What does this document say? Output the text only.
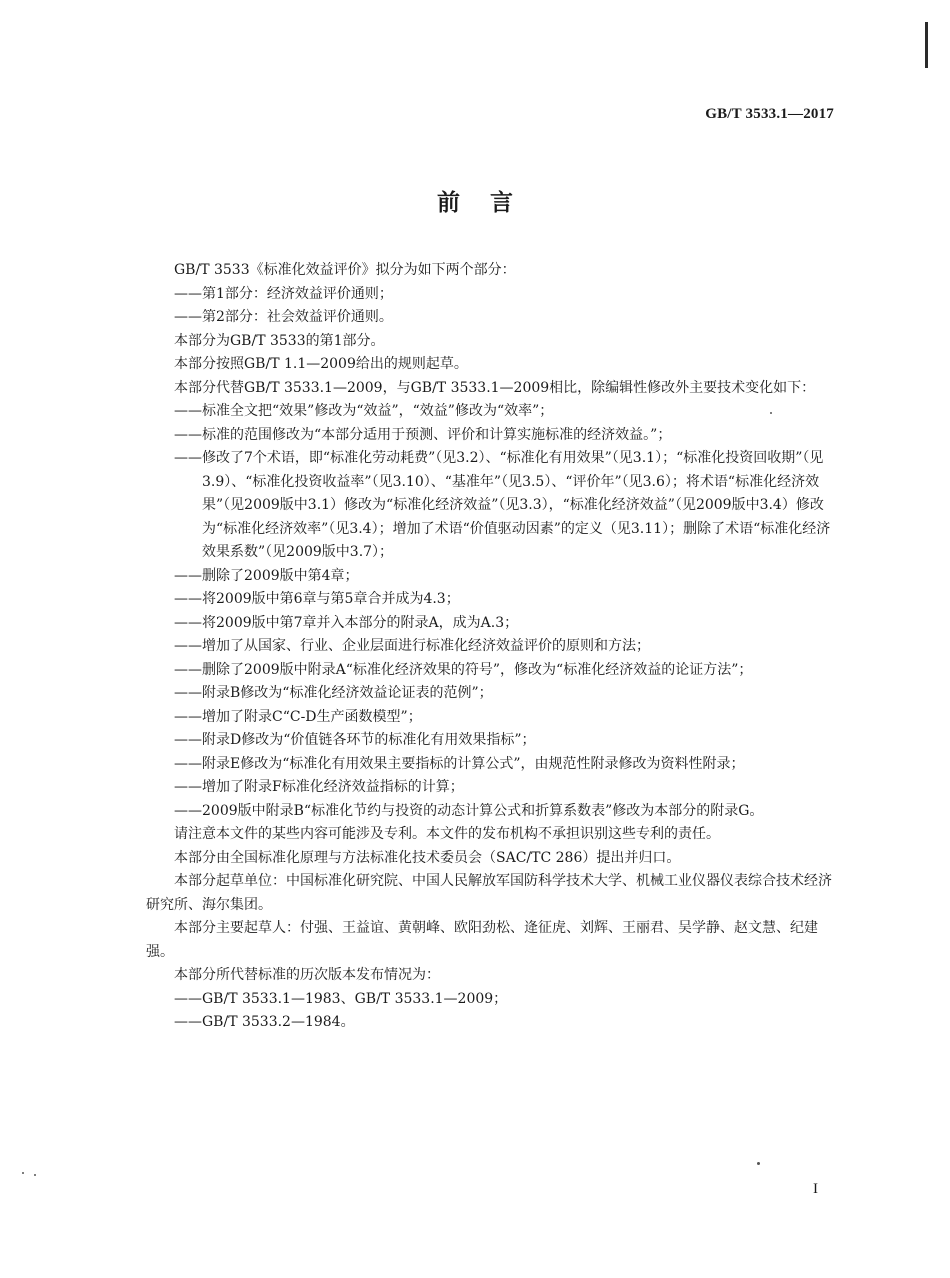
GB/T 3533.1—2017
前言

GB/T 3533《标准化效益评价》拟分为如下两个部分：

——第1部分：经济效益评价通则；

——第2部分：社会效益评价通则。

本部分为GB/T 3533的第1部分。

本部分按照GB/T 1.1—2009给出的规则起草。

本部分代替GB/T 3533.1—2009，与GB/T 3533.1—2009相比，除编辑性修改外主要技术变化如下：

——标准全文把“效果”修改为“效益”，“效益”修改为“效率”；

——标准的范围修改为“本部分适用于预测、评价和计算实施标准的经济效益。”；

——修改了7个术语，即“标准化劳动耗费”（见3.2）、“标准化有用效果”（见3.1）；“标准化投资回收期”（见3.9）、“标准化投资收益率”（见3.10）、“基准年”（见3.5）、“评价年”（见3.6）；将术语“标准化经济效果”（见2009版中3.1）修改为“标准化经济效益”（见3.3），“标准化经济效益”（见2009版中3.4）修改为“标准化经济效率”（见3.4）；增加了术语“价值驱动因素”的定义（见3.11）；删除了术语“标准化经济效果系数”（见2009版中3.7）；

——删除了2009版中第4章；

——将2009版中第6章与第5章合并成为4.3；

——将2009版中第7章并入本部分的附录A，成为A.3；

——增加了从国家、行业、企业层面进行标准化经济效益评价的原则和方法；

——删除了2009版中附录A“标准化经济效果的符号”，修改为“标准化经济效益的论证方法”；

——附录B修改为“标准化经济效益论证表的范例”；

——增加了附录C“C-D生产函数模型”；

——附录D修改为“价值链各环节的标准化有用效果指标”；

——附录E修改为“标准化有用效果主要指标的计算公式”，由规范性附录修改为资料性附录；

——增加了附录F标准化经济效益指标的计算；

——2009版中附录B“标准化节约与投资的动态计算公式和折算系数表”修改为本部分的附录G。

请注意本文件的某些内容可能涉及专利。本文件的发布机构不承担识别这些专利的责任。

本部分由全国标准化原理与方法标准化技术委员会（SAC/TC 286）提出并归口。

本部分起草单位：中国标准化研究院、中国人民解放军国防科学技术大学、机械工业仪器仪表综合技术经济研究所、海尔集团。

本部分主要起草人：付强、王益谊、黄朝峰、欧阳劲松、逄征虎、刘辉、王丽君、吴学静、赵文慧、纪建强。

本部分所代替标准的历次版本发布情况为：

——GB/T 3533.1—1983、GB/T 3533.1—2009；

——GB/T 3533.2—1984。

I
